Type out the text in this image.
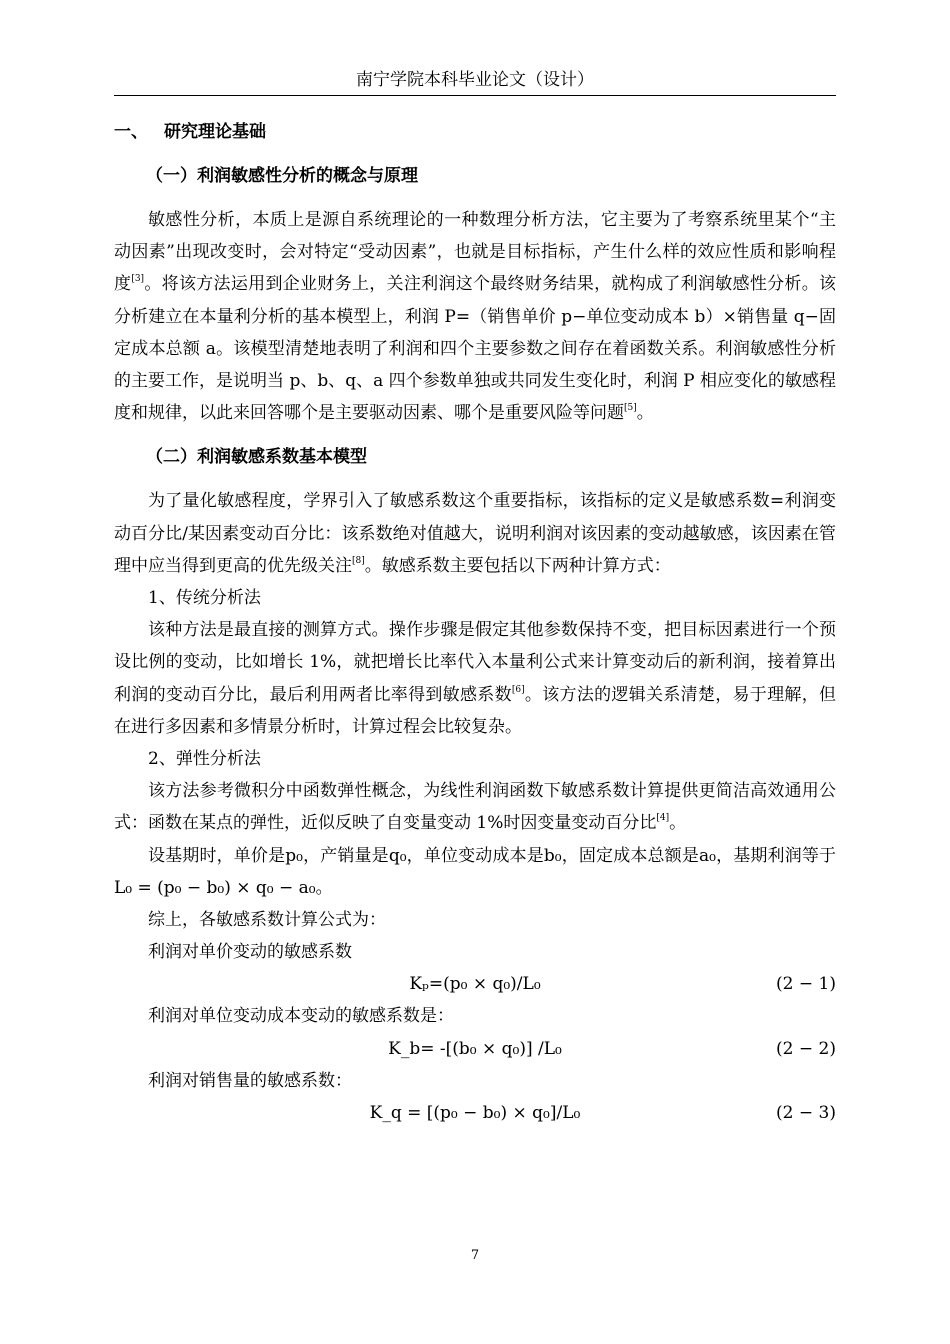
南宁学院本科毕业论文（设计）
一、 研究理论基础
（一）利润敏感性分析的概念与原理

敏感性分析，本质上是源自系统理论的一种数理分析方法，它主要为了考察系统里某个“主动因素”出现改变时，会对特定“受动因素”，也就是目标指标，产生什么样的效应性质和影响程度[3]。将该方法运用到企业财务上，关注利润这个最终财务结果，就构成了利润敏感性分析。该分析建立在本量利分析的基本模型上，利润 P=（销售单价 p−单位变动成本 b）×销售量 q−固定成本总额 a。该模型清楚地表明了利润和四个主要参数之间存在着函数关系。利润敏感性分析的主要工作，是说明当 p、b、q、a 四个参数单独或共同发生变化时，利润 P 相应变化的敏感程度和规律，以此来回答哪个是主要驱动因素、哪个是重要风险等问题[5]。

（二）利润敏感系数基本模型

为了量化敏感程度，学界引入了敏感系数这个重要指标，该指标的定义是敏感系数=利润变动百分比/某因素变动百分比：该系数绝对值越大，说明利润对该因素的变动越敏感，该因素在管理中应当得到更高的优先级关注[8]。敏感系数主要包括以下两种计算方式：

1、传统分析法

该种方法是最直接的测算方式。操作步骤是假定其他参数保持不变，把目标因素进行一个预设比例的变动，比如增长 1%，就把增长比率代入本量利公式来计算变动后的新利润，接着算出利润的变动百分比，最后利用两者比率得到敏感系数[6]。该方法的逻辑关系清楚，易于理解，但在进行多因素和多情景分析时，计算过程会比较复杂。

2、弹性分析法

该方法参考微积分中函数弹性概念，为线性利润函数下敏感系数计算提供更简洁高效通用公式：函数在某点的弹性，近似反映了自变量变动 1%时因变量变动百分比[4]。

设基期时，单价是p₀，产销量是q₀，单位变动成本是b₀，固定成本总额是a₀，基期利润等于L₀ = (p₀ − b₀) × q₀ − a₀。

综上，各敏感系数计算公式为：
利润对单价变动的敏感系数
Kₚ=(p₀ × q₀)/L₀	(2 − 1)
利润对单位变动成本变动的敏感系数是：
K_b= -[(b₀ × q₀)] /L₀	(2 − 2)
利润对销售量的敏感系数：
K_q = [(p₀ − b₀) × q₀]/L₀	(2 − 3)
7
